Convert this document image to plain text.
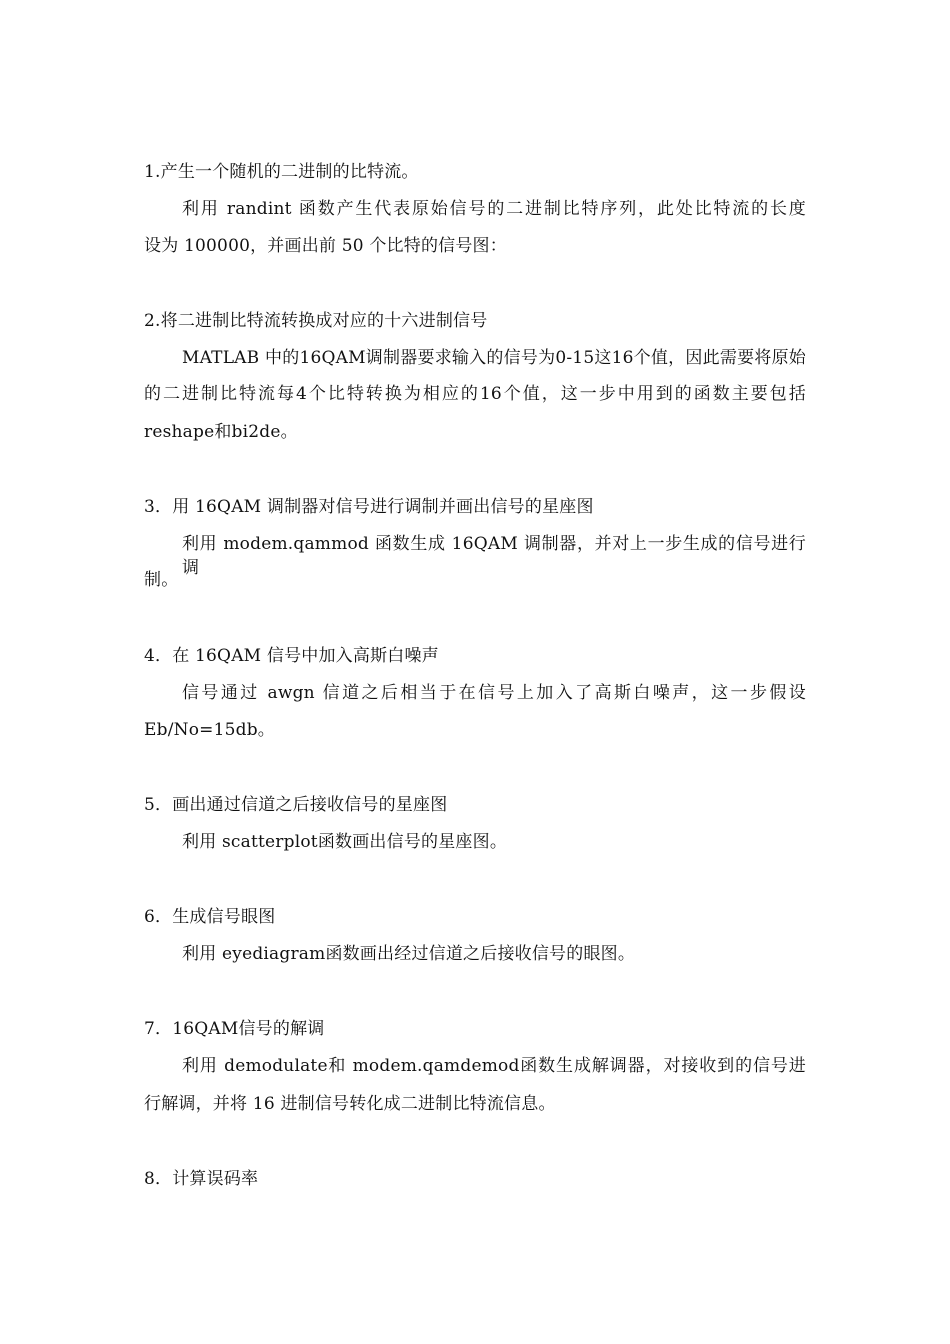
1.产生一个随机的二进制的比特流。
利用 randint 函数产生代表原始信号的二进制比特序列，此处比特流的长度
设为 100000，并画出前 50 个比特的信号图：
2.将二进制比特流转换成对应的十六进制信号
MATLAB 中的16QAM调制器要求输入的信号为0-15这16个值，因此需要将原始
的二进制比特流每4个比特转换为相应的16个值，这一步中用到的函数主要包括
reshape和bi2de。
3．用 16QAM 调制器对信号进行调制并画出信号的星座图
利用 modem.qammod 函数生成 16QAM 调制器，并对上一步生成的信号进行调
制。
4．在 16QAM 信号中加入高斯白噪声
信号通过 awgn 信道之后相当于在信号上加入了高斯白噪声，这一步假设
Eb/No=15db。
5．画出通过信道之后接收信号的星座图
利用 scatterplot函数画出信号的星座图。
6．生成信号眼图
利用 eyediagram函数画出经过信道之后接收信号的眼图。
7．16QAM信号的解调
利用 demodulate和 modem.qamdemod函数生成解调器，对接收到的信号进
行解调，并将 16 进制信号转化成二进制比特流信息。
8．计算误码率
